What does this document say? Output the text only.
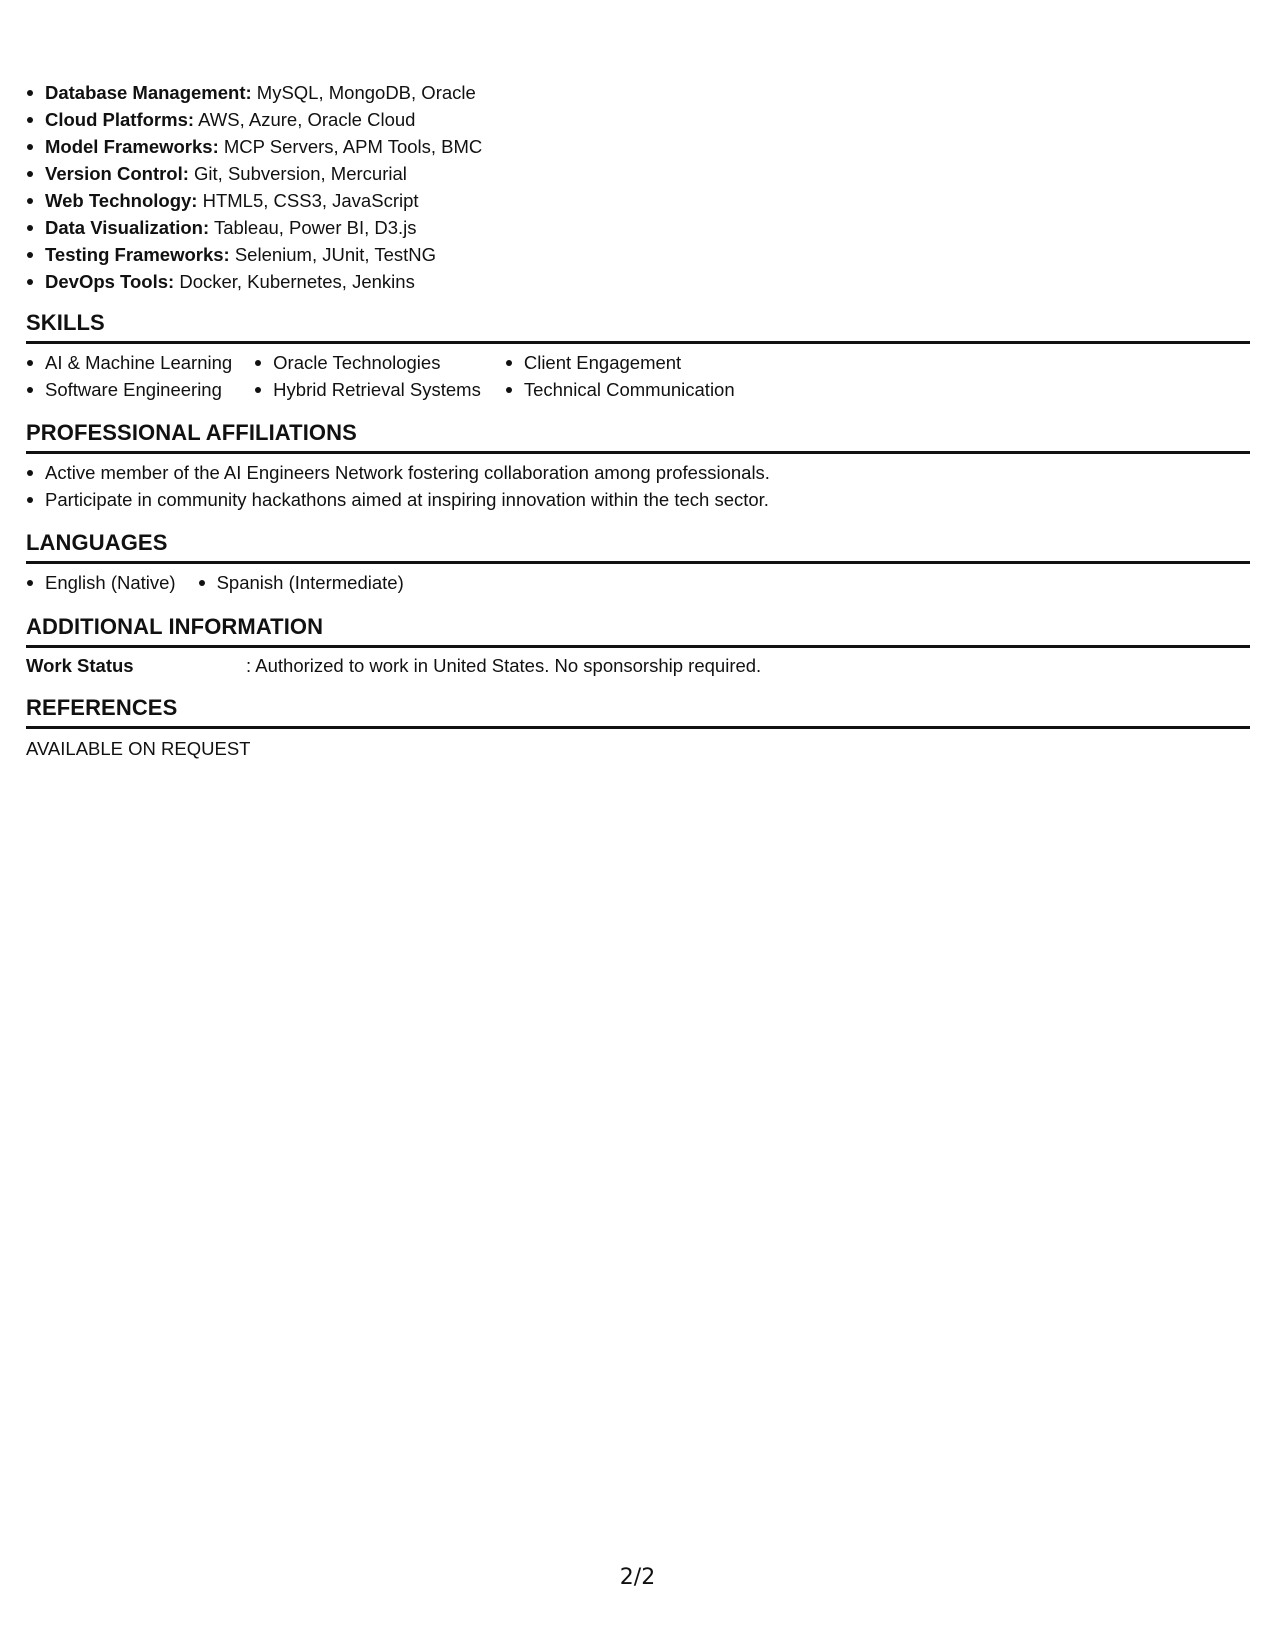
Database Management: MySQL, MongoDB, Oracle
Cloud Platforms: AWS, Azure, Oracle Cloud
Model Frameworks: MCP Servers, APM Tools, BMC
Version Control: Git, Subversion, Mercurial
Web Technology: HTML5, CSS3, JavaScript
Data Visualization: Tableau, Power BI, D3.js
Testing Frameworks: Selenium, JUnit, TestNG
DevOps Tools: Docker, Kubernetes, Jenkins
SKILLS
AI & Machine Learning
Software Engineering
Oracle Technologies
Hybrid Retrieval Systems
Client Engagement
Technical Communication
PROFESSIONAL AFFILIATIONS
Active member of the AI Engineers Network fostering collaboration among professionals.
Participate in community hackathons aimed at inspiring innovation within the tech sector.
LANGUAGES
English (Native)	Spanish (Intermediate)
ADDITIONAL INFORMATION
Work Status	: Authorized to work in United States. No sponsorship required.
REFERENCES
AVAILABLE ON REQUEST
2/2
